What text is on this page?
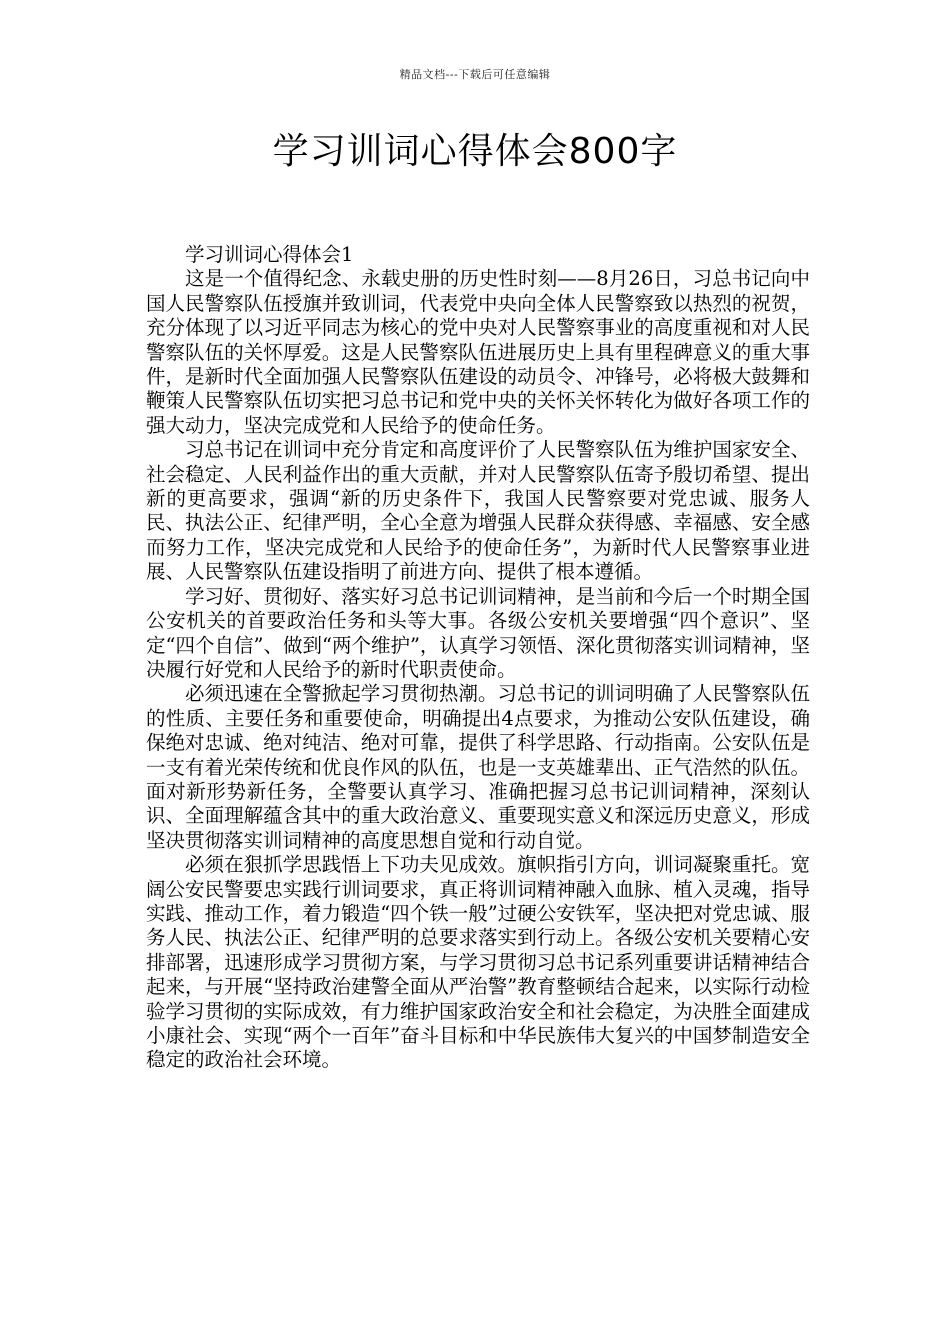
精品文档---下载后可任意编辑
学习训词心得体会800字

学习训词心得体会1

这是一个值得纪念、永载史册的历史性时刻——8月26日，习总书记向中国人民警察队伍授旗并致训词，代表党中央向全体人民警察致以热烈的祝贺，充分体现了以习近平同志为核心的党中央对人民警察事业的高度重视和对人民警察队伍的关怀厚爱。这是人民警察队伍进展历史上具有里程碑意义的重大事件，是新时代全面加强人民警察队伍建设的动员令、冲锋号，必将极大鼓舞和鞭策人民警察队伍切实把习总书记和党中央的关怀关怀转化为做好各项工作的强大动力，坚决完成党和人民给予的使命任务。

习总书记在训词中充分肯定和高度评价了人民警察队伍为维护国家安全、社会稳定、人民利益作出的重大贡献，并对人民警察队伍寄予殷切希望、提出新的更高要求，强调“新的历史条件下，我国人民警察要对党忠诚、服务人民、执法公正、纪律严明，全心全意为增强人民群众获得感、幸福感、安全感而努力工作，坚决完成党和人民给予的使命任务”，为新时代人民警察事业进展、人民警察队伍建设指明了前进方向、提供了根本遵循。

学习好、贯彻好、落实好习总书记训词精神，是当前和今后一个时期全国公安机关的首要政治任务和头等大事。各级公安机关要增强“四个意识”、坚定“四个自信”、做到“两个维护”，认真学习领悟、深化贯彻落实训词精神，坚决履行好党和人民给予的新时代职责使命。

必须迅速在全警掀起学习贯彻热潮。习总书记的训词明确了人民警察队伍的性质、主要任务和重要使命，明确提出4点要求，为推动公安队伍建设，确保绝对忠诚、绝对纯洁、绝对可靠，提供了科学思路、行动指南。公安队伍是一支有着光荣传统和优良作风的队伍，也是一支英雄辈出、正气浩然的队伍。面对新形势新任务，全警要认真学习、准确把握习总书记训词精神，深刻认识、全面理解蕴含其中的重大政治意义、重要现实意义和深远历史意义，形成坚决贯彻落实训词精神的高度思想自觉和行动自觉。

必须在狠抓学思践悟上下功夫见成效。旗帜指引方向，训词凝聚重托。宽阔公安民警要忠实践行训词要求，真正将训词精神融入血脉、植入灵魂，指导实践、推动工作，着力锻造“四个铁一般”过硬公安铁军，坚决把对党忠诚、服务人民、执法公正、纪律严明的总要求落实到行动上。各级公安机关要精心安排部署，迅速形成学习贯彻方案，与学习贯彻习总书记系列重要讲话精神结合起来，与开展“坚持政治建警全面从严治警”教育整顿结合起来，以实际行动检验学习贯彻的实际成效，有力维护国家政治安全和社会稳定，为决胜全面建成小康社会、实现“两个一百年”奋斗目标和中华民族伟大复兴的中国梦制造安全稳定的政治社会环境。
